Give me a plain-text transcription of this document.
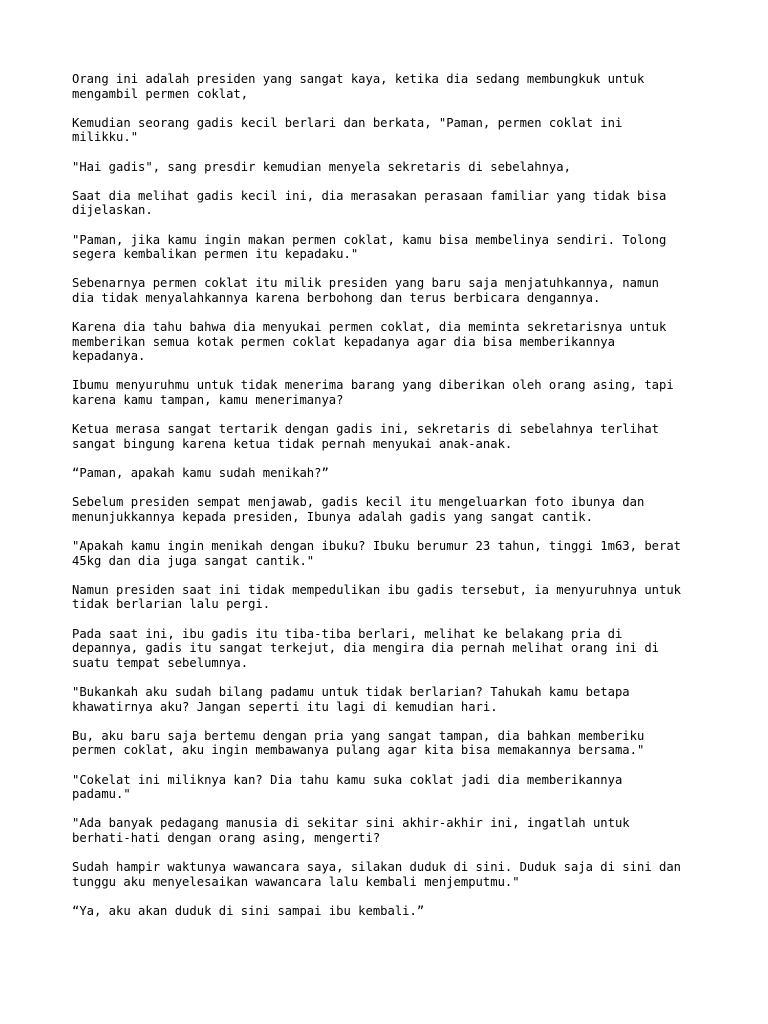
Orang ini adalah presiden yang sangat kaya, ketika dia sedang membungkuk untuk
mengambil permen coklat,

Kemudian seorang gadis kecil berlari dan berkata, "Paman, permen coklat ini
milikku."

"Hai gadis", sang presdir kemudian menyela sekretaris di sebelahnya,

Saat dia melihat gadis kecil ini, dia merasakan perasaan familiar yang tidak bisa
dijelaskan.

"Paman, jika kamu ingin makan permen coklat, kamu bisa membelinya sendiri. Tolong
segera kembalikan permen itu kepadaku."

Sebenarnya permen coklat itu milik presiden yang baru saja menjatuhkannya, namun
dia tidak menyalahkannya karena berbohong dan terus berbicara dengannya.

Karena dia tahu bahwa dia menyukai permen coklat, dia meminta sekretarisnya untuk
memberikan semua kotak permen coklat kepadanya agar dia bisa memberikannya
kepadanya.

Ibumu menyuruhmu untuk tidak menerima barang yang diberikan oleh orang asing, tapi
karena kamu tampan, kamu menerimanya?

Ketua merasa sangat tertarik dengan gadis ini, sekretaris di sebelahnya terlihat
sangat bingung karena ketua tidak pernah menyukai anak-anak.

“Paman, apakah kamu sudah menikah?”

Sebelum presiden sempat menjawab, gadis kecil itu mengeluarkan foto ibunya dan
menunjukkannya kepada presiden, Ibunya adalah gadis yang sangat cantik.

"Apakah kamu ingin menikah dengan ibuku? Ibuku berumur 23 tahun, tinggi 1m63, berat
45kg dan dia juga sangat cantik."

Namun presiden saat ini tidak mempedulikan ibu gadis tersebut, ia menyuruhnya untuk
tidak berlarian lalu pergi.

Pada saat ini, ibu gadis itu tiba-tiba berlari, melihat ke belakang pria di
depannya, gadis itu sangat terkejut, dia mengira dia pernah melihat orang ini di
suatu tempat sebelumnya.

"Bukankah aku sudah bilang padamu untuk tidak berlarian? Tahukah kamu betapa
khawatirnya aku? Jangan seperti itu lagi di kemudian hari.

Bu, aku baru saja bertemu dengan pria yang sangat tampan, dia bahkan memberiku
permen coklat, aku ingin membawanya pulang agar kita bisa memakannya bersama."

"Cokelat ini miliknya kan? Dia tahu kamu suka coklat jadi dia memberikannya
padamu."

"Ada banyak pedagang manusia di sekitar sini akhir-akhir ini, ingatlah untuk
berhati-hati dengan orang asing, mengerti?

Sudah hampir waktunya wawancara saya, silakan duduk di sini. Duduk saja di sini dan
tunggu aku menyelesaikan wawancara lalu kembali menjemputmu."

“Ya, aku akan duduk di sini sampai ibu kembali.”
